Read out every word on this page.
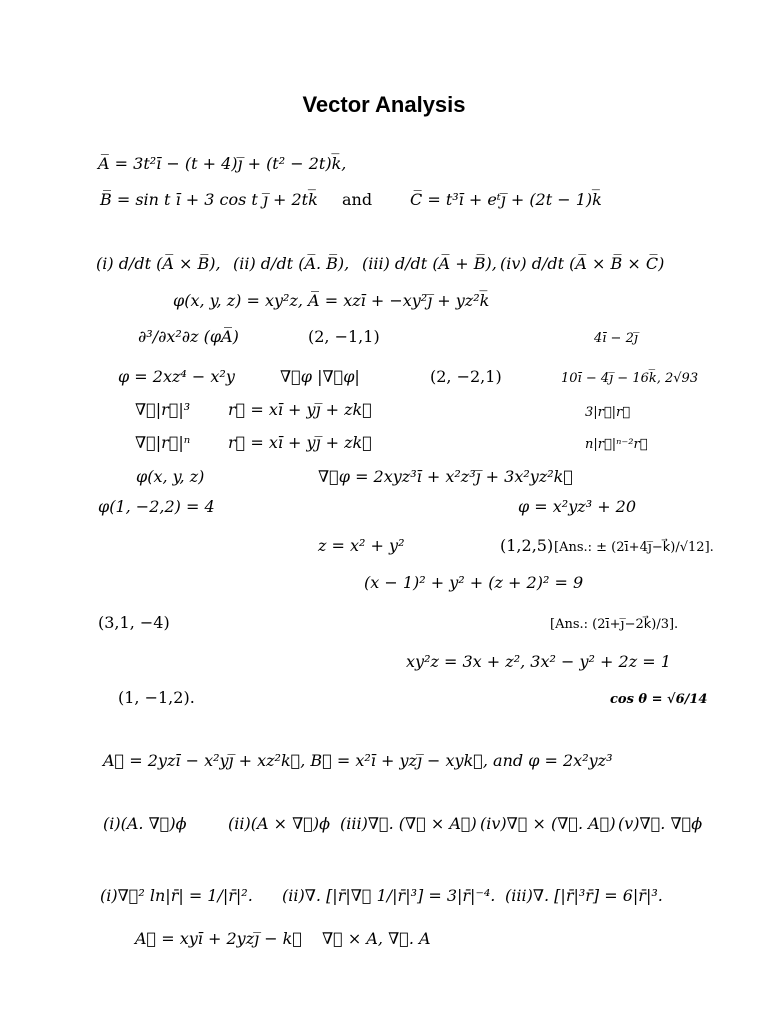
Vector Analysis
A̅ = 3t²ī − (t + 4)j̅ + (t² − 2t)k̅,
B̅ = sin t ī + 3 cos t j̅ + 2tk̅ and C̅ = t³ī + eᵗj̅ + (2t − 1)k̅
(i) d/dt (A̅ × B̅), (ii) d/dt (A̅. B̅), (iii) d/dt (A̅ + B̅), (iv) d/dt (A̅ × B̅ × C̅)
φ(x, y, z) = xy²z, A̅ = xzī + −xy²j̅ + yz²k̅
∂³/∂x²∂z (φA̅)	(2, −1,1)	4ī − 2j̅
φ = 2xz⁴ − x²y	∇⃗φ |∇⃗φ|	(2, −2,1)	10ī − 4j̅ − 16k̅, 2√93
∇⃗|r⃗|³ r⃗ = xī + yj̅ + zk⃗	3|r⃗|r⃗
∇⃗|r⃗|ⁿ r⃗ = xī + yj̅ + zk⃗	n|r⃗|ⁿ⁻²r⃗
φ(x, y, z)	∇⃗φ = 2xyz³ī + x²z³j̅ + 3x²yz²k⃗
φ(1, −2,2) = 4	φ = x²yz³ + 20
z = x² + y²	(1,2,5) [Ans.: ± (2ī+4j̅−k⃗)/√12].
(x − 1)² + y² + (z + 2)² = 9
(3,1, −4)	[Ans.: (2ī+j̅−2k⃗)/3].
xy²z = 3x + z², 3x² − y² + 2z = 1
(1, −1,2).	cos θ = √6/14
A⃗ = 2yzī − x²yj̅ + xz²k⃗, B⃗ = x²ī + yzj̅ − xyk⃗, and φ = 2x²yz³
(i)(A. ∇⃗)ϕ	(ii)(A × ∇⃗)ϕ (iii)∇⃗. (∇⃗ × A⃗) (iv)∇⃗ × (∇⃗. A⃗) (v)∇⃗. ∇⃗ϕ
(i)∇⃗² ln|r̄| = 1/|r̄|². (ii)∇. [|r̄|∇⃗ 1/|r̄|³] = 3|r̄|⁻⁴. (iii)∇. [|r̄|³r̄] = 6|r̄|³.
A⃗ = xyī + 2yzj̅ − k⃗ ∇⃗ × A, ∇⃗. A
